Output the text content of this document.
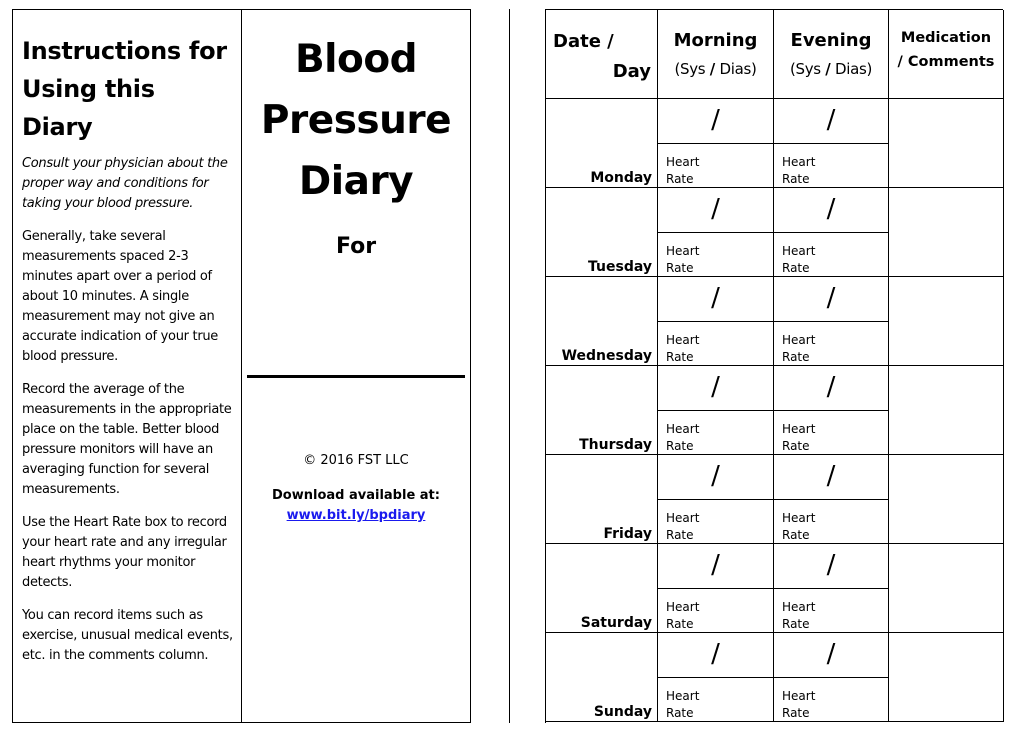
Instructions for
Using this Diary

Consult your physician about the proper way and conditions for taking your blood pressure.

Generally, take several measurements spaced 2-3 minutes apart over a period of about 10 minutes. A single measurement may not give an accurate indication of your true blood pressure.

Record the average of the measurements in the appropriate place on the table. Better blood pressure monitors will have an averaging function for several measurements.

Use the Heart Rate box to record your heart rate and any irregular heart rhythms your monitor detects.

You can record items such as exercise, unusual medical events, etc. in the comments column.

Blood
Pressure
Diary
For
© 2016 FST LLC
Download available at:
www.bit.ly/bpdiary
Date /
Day
Morning
(Sys / Dias)
Evening
(Sys / Dias)
Medication
/ Comments
Monday
/
Heart
Rate
/
Heart
Rate
Tuesday
/
Heart
Rate
/
Heart
Rate
Wednesday
/
Heart
Rate
/
Heart
Rate
Thursday
/
Heart
Rate
/
Heart
Rate
Friday
/
Heart
Rate
/
Heart
Rate
Saturday
/
Heart
Rate
/
Heart
Rate
Sunday
/
Heart
Rate
/
Heart
Rate
